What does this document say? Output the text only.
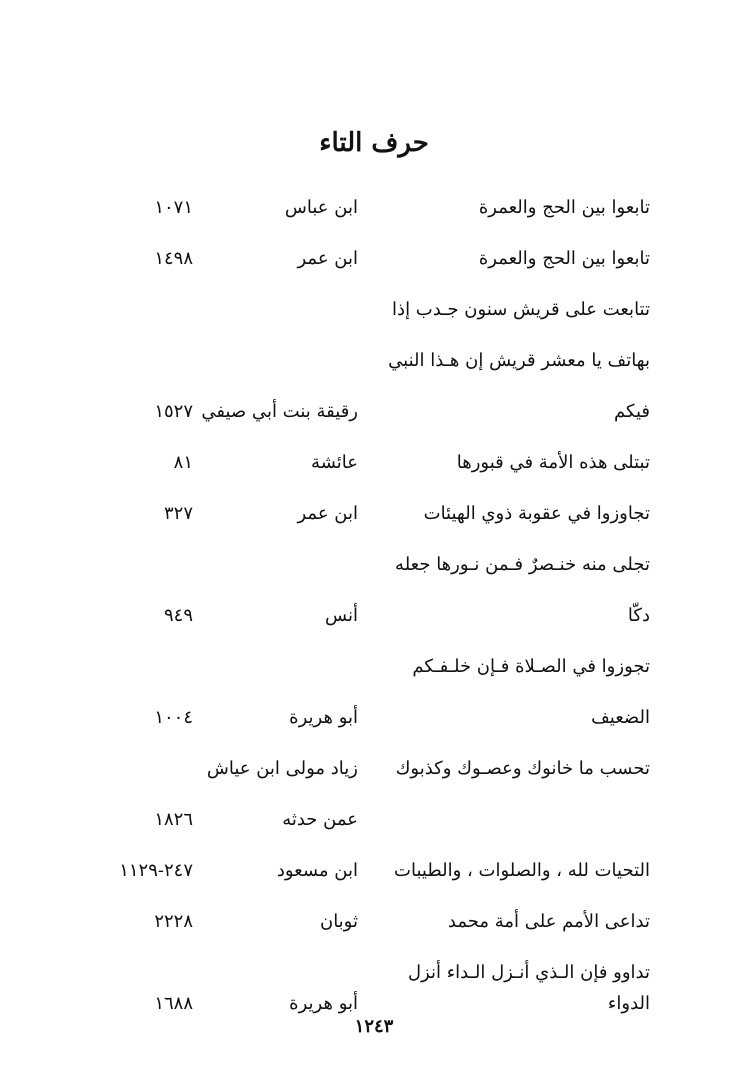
حرف التاء
تابعوا بين الحج والعمرة
ابن عباس
١٠٧١
تابعوا بين الحج والعمرة
ابن عمر
١٤٩٨
تتابعت على قريش سنون جـدب إذا
بهاتف يا معشر قريش إن هـذا النبي
فيكم
رقيقة بنت أبي صيفي
١٥٢٧
تبتلى هذه الأمة في قبورها
عائشة
٨١
تجاوزوا في عقوبة ذوي الهيئات
ابن عمر
٣٢٧
تجلى منه خنـصرٌ فـمن نـورها جعله
دكّا
أنس
٩٤٩
تجوزوا في الصـلاة فـإن خلـفـكم
الضعيف
أبو هريرة
١٠٠٤
تحسب ما خانوك وعصـوك وكذبوك
زياد مولى ابن عياش
عمن حدثه
١٨٢٦
التحيات لله ، والصلوات ، والطيبات
ابن مسعود
٢٤٧-١١٢٩
تداعى الأمم على أمة محمد
ثوبان
٢٢٢٨
تداوو فإن الـذي أنـزل الـداء أنزل
الدواء
أبو هريرة
١٦٨٨
١٢٤٣
